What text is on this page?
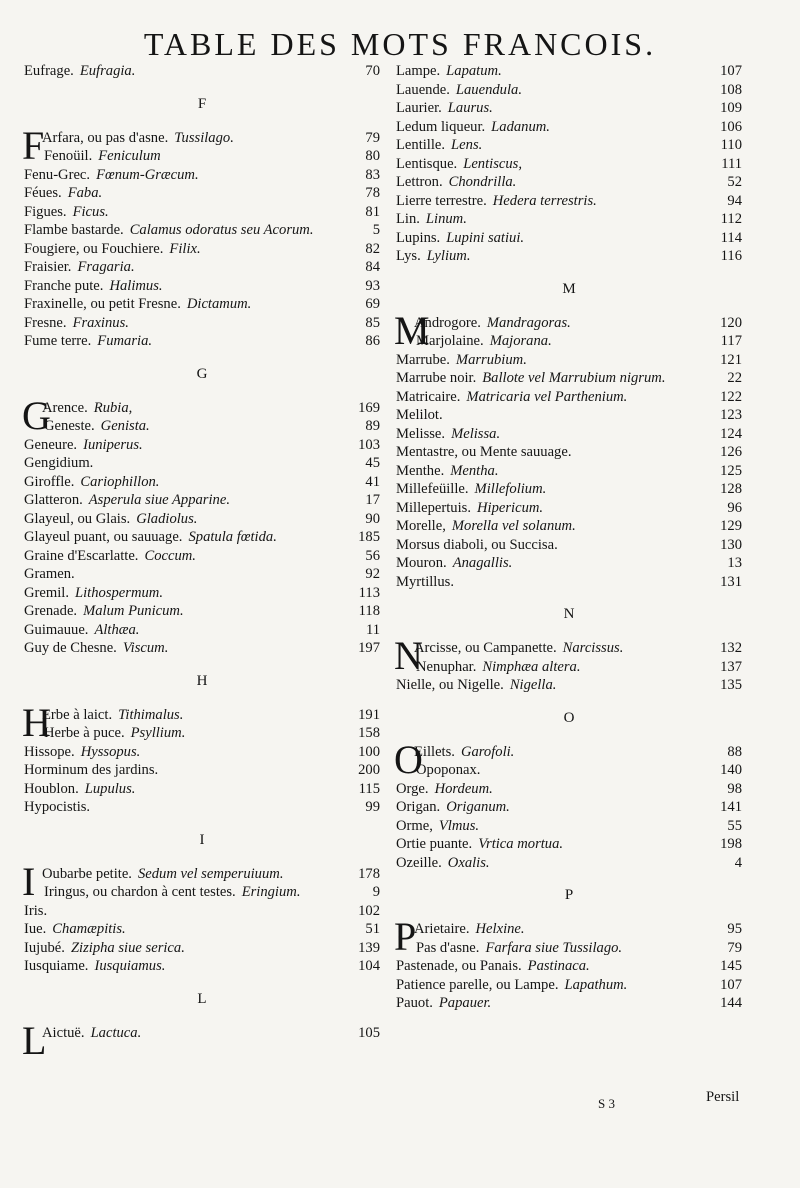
TABLE DES MOTS FRANCOIS.
Eufrage. Eufragia.	70
F
F
Arfara, ou pas d'asne. Tussilago.	79
Fenoüil. Feniculum	80
Fenu-Grec. Fœnum-Græcum.	83
Féues. Faba.	78
Figues. Ficus.	81
Flambe bastarde. Calamus odoratus seu Acorum.	5
Fougiere, ou Fouchiere. Filix.	82
Fraisier. Fragaria.	84
Franche pute. Halimus.	93
Fraxinelle, ou petit Fresne. Dictamum.	69
Fresne. Fraxinus.	85
Fume terre. Fumaria.	86
G
G
Arence. Rubia,	169
Geneste. Genista.	89
Geneure. Iuniperus.	103
Gengidium.	45
Giroffle. Cariophillon.	41
Glatteron. Asperula siue Apparine.	17
Glayeul, ou Glais. Gladiolus.	90
Glayeul puant, ou sauuage. Spatula fœtida.	185
Graine d'Escarlatte. Coccum.	56
Gramen.	92
Gremil. Lithospermum.	113
Grenade. Malum Punicum.	118
Guimauue. Althæa.	11
Guy de Chesne. Viscum.	197
H
H
Erbe à laict. Tithimalus.	191
Herbe à puce. Psyllium.	158
Hissope. Hyssopus.	100
Horminum des jardins.	200
Houblon. Lupulus.	115
Hypocistis.	99
I
I Oubarbe petite. Sedum vel semperuiuum.	178
Iringus, ou chardon à cent testes. Eringium.	9
Iris.	102
Iue. Chamæpitis.	51
Iujubé. Zizipha siue serica.	139
Iusquiame. Iusquiamus.	104
L
L
Aictuë. Lactuca.	105
Lampe. Lapatum.	107
Lauende. Lauendula.	108
Laurier. Laurus.	109
Ledum liqueur. Ladanum.	106
Lentille. Lens.	110
Lentisque. Lentiscus,	111
Lettron. Chondrilla.	52
Lierre terrestre. Hedera terrestris.	94
Lin. Linum.	112
Lupins. Lupini satiui.	114
Lys. Lylium.	116
M
M
Androgore. Mandragoras.	120
Marjolaine. Majorana.	117
Marrube. Marrubium.	121
Marrube noir. Ballote vel Marrubium nigrum.	22
Matricaire. Matricaria vel Parthenium.	122
Melilot.	123
Melisse. Melissa.	124
Mentastre, ou Mente sauuage.	126
Menthe. Mentha.	125
Millefeüille. Millefolium.	128
Millepertuis. Hipericum.	96
Morelle, Morella vel solanum.	129
Morsus diaboli, ou Succisa.	130
Mouron. Anagallis.	13
Myrtillus.	131
N
N
Arcisse, ou Campanette. Narcissus.	132
Nenuphar. Nimphæa altera.	137
Nielle, ou Nigelle. Nigella.	135
O
O
Eillets. Garofoli.	88
Opoponax.	140
Orge. Hordeum.	98
Origan. Origanum.	141
Orme, Vlmus.	55
Ortie puante. Vrtica mortua.	198
Ozeille. Oxalis.	4
P
P
Arietaire. Helxine.	95
Pas d'asne. Farfara siue Tussilago.	79
Pastenade, ou Panais. Pastinaca.	145
Patience parelle, ou Lampe. Lapathum.	107
Pauot. Papauer.	144
S 3	Persil
